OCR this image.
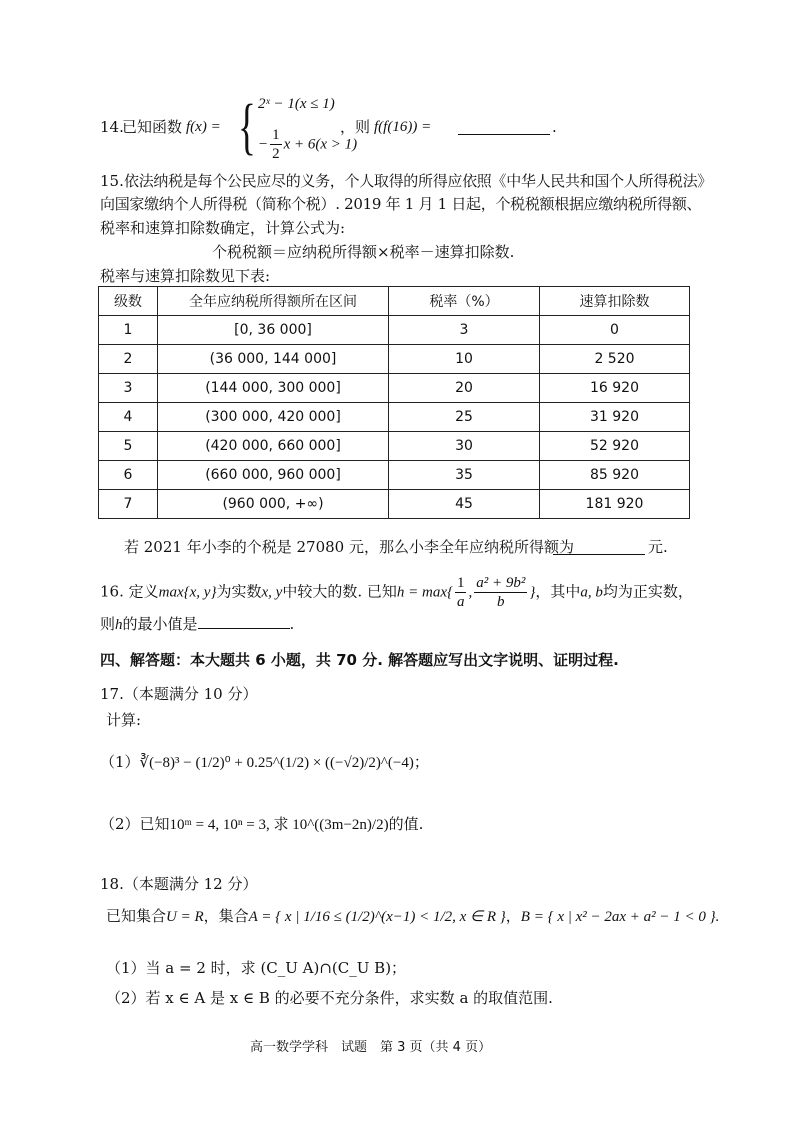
14.
已知函数 f(x) = { 2ˣ − 1(x ≤ 1)
− $\frac{1}{2}$ x + 6(x > 1)
，则 f(f(16)) =	.
15. 依法纳税是每个公民应尽的义务，个人取得的所得应依照《中华人民共和国个人所得税法》
向国家缴纳个人所得税（简称个税）. 2019 年 1 月 1 日起，个税税额根据应缴纳税所得额、
税率和速算扣除数确定，计算公式为:
个税税额＝应纳税所得额×税率－速算扣除数.
税率与速算扣除数见下表:
级数	全年应纳税所得额所在区间	税率（%）	速算扣除数
1	[0, 36 000]	3	0
2	(36 000, 144 000]	10	2 520
3	(144 000, 300 000]	20	16 920
4	(300 000, 420 000]	25	31 920
5	(420 000, 660 000]	30	52 920
6	(660 000, 960 000]	35	85 920
7	(960 000, +∞)	45	181 920
若 2021 年小李的个税是 27080 元，那么小李全年应纳税所得额为	元.
16. 定义max{x, y}为实数x, y中较大的数. 已知$h = \max\{ \frac{1}{a}$ , $\frac{\text{a² + 9b²}}{b}$ }，其中a, b均为正实数，
则h的最小值是	.
四、解答题：本大题共 6 小题，共 70 分. 解答题应写出文字说明、证明过程.
17.（本题满分 10 分）
计算:
（1）∛(−8)³ − (1/2)⁰ + 0.25^(1/2) × ((−√2)/2)^(−4)；
（2）已知10ᵐ = 4, 10ⁿ = 3, 求 10^((3m−2n)/2)的值.
18.（本题满分 12 分）
已知集合U = R，集合A = { x | 1/16 ≤ (1/2)^(x−1) < 1/2, x ∈ R }，B = { x | x² − 2ax + a² − 1 < 0 }.
（1）当 a = 2 时，求 (C_U A)∩(C_U B)；
（2）若 x ∈ A 是 x ∈ B 的必要不充分条件，求实数 a 的取值范围.
高一数学学科　试题　第 3 页（共 4 页）
